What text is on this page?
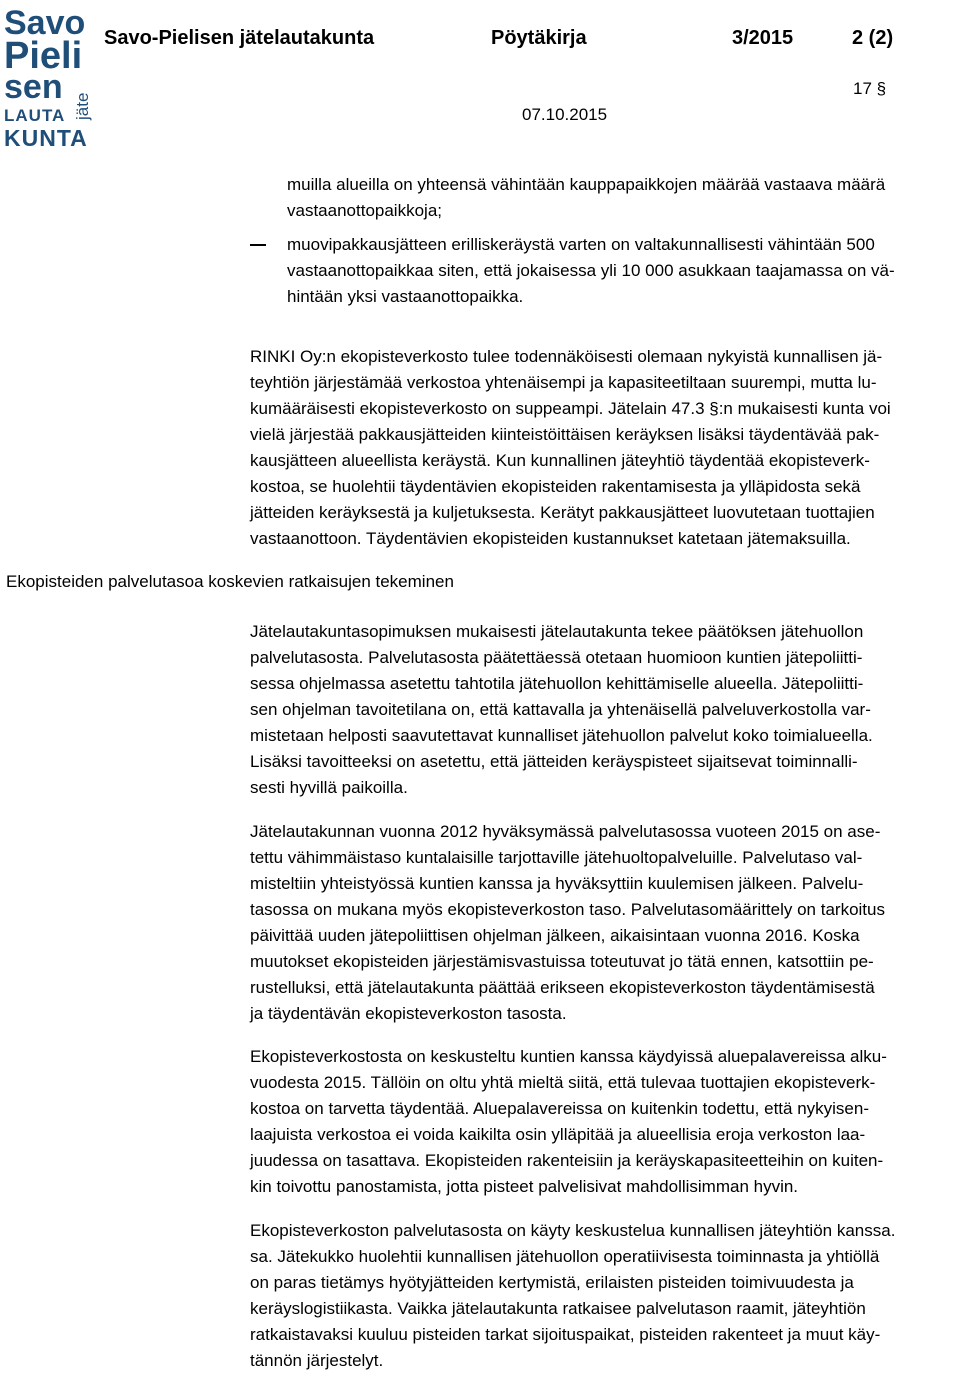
Savo
Pieli
sen
LAUTA
KUNTA
jäte
Savo-Pielisen jätelautakunta	Pöytäkirja	3/2015	2 (2)
17 §
07.10.2015
muilla alueilla on yhteensä vähintään kauppapaikkojen määrää vastaava määrä
vastaanottopaikkoja;
muovipakkausjätteen erilliskeräystä varten on valtakunnallisesti vähintään 500
vastaanottopaikkaa siten, että jokaisessa yli 10 000 asukkaan taajamassa on vä-
hintään yksi vastaanottopaikka.
RINKI Oy:n ekopisteverkosto tulee todennäköisesti olemaan nykyistä kunnallisen jä-
teyhtiön järjestämää verkostoa yhtenäisempi ja kapasiteetiltaan suurempi, mutta lu-
kumääräisesti ekopisteverkosto on suppeampi. Jätelain 47.3 §:n mukaisesti kunta voi
vielä järjestää pakkausjätteiden kiinteistöittäisen keräyksen lisäksi täydentävää pak-
kausjätteen alueellista keräystä. Kun kunnallinen jäteyhtiö täydentää ekopisteverk-
kostoa, se huolehtii täydentävien ekopisteiden rakentamisesta ja ylläpidosta sekä
jätteiden keräyksestä ja kuljetuksesta. Kerätyt pakkausjätteet luovutetaan tuottajien
vastaanottoon. Täydentävien ekopisteiden kustannukset katetaan jätemaksuilla.
Ekopisteiden palvelutasoa koskevien ratkaisujen tekeminen
Jätelautakuntasopimuksen mukaisesti jätelautakunta tekee päätöksen jätehuollon
palvelutasosta. Palvelutasosta päätettäessä otetaan huomioon kuntien jätepoliitti-
sessa ohjelmassa asetettu tahtotila jätehuollon kehittämiselle alueella. Jätepoliitti-
sen ohjelman tavoitetilana on, että kattavalla ja yhtenäisellä palveluverkostolla var-
mistetaan helposti saavutettavat kunnalliset jätehuollon palvelut koko toimialueella.
Lisäksi tavoitteeksi on asetettu, että jätteiden keräyspisteet sijaitsevat toiminnalli-
sesti hyvillä paikoilla.
Jätelautakunnan vuonna 2012 hyväksymässä palvelutasossa vuoteen 2015 on ase-
tettu vähimmäistaso kuntalaisille tarjottaville jätehuoltopalveluille. Palvelutaso val-
misteltiin yhteistyössä kuntien kanssa ja hyväksyttiin kuulemisen jälkeen. Palvelu-
tasossa on mukana myös ekopisteverkoston taso. Palvelutasomäärittely on tarkoitus
päivittää uuden jätepoliittisen ohjelman jälkeen, aikaisintaan vuonna 2016. Koska
muutokset ekopisteiden järjestämisvastuissa toteutuvat jo tätä ennen, katsottiin pe-
rustelluksi, että jätelautakunta päättää erikseen ekopisteverkoston täydentämisestä
ja täydentävän ekopisteverkoston tasosta.
Ekopisteverkostosta on keskusteltu kuntien kanssa käydyissä aluepalavereissa alku-
vuodesta 2015. Tällöin on oltu yhtä mieltä siitä, että tulevaa tuottajien ekopisteverk-
kostoa on tarvetta täydentää. Aluepalavereissa on kuitenkin todettu, että nykyisen-
laajuista verkostoa ei voida kaikilta osin ylläpitää ja alueellisia eroja verkoston laa-
juudessa on tasattava. Ekopisteiden rakenteisiin ja keräyskapasiteetteihin on kuiten-
kin toivottu panostamista, jotta pisteet palvelisivat mahdollisimman hyvin.
Ekopisteverkoston palvelutasosta on käyty keskustelua kunnallisen jäteyhtiön kanssa.
sa. Jätekukko huolehtii kunnallisen jätehuollon operatiivisesta toiminnasta ja yhtiöllä
on paras tietämys hyötyjätteiden kertymistä, erilaisten pisteiden toimivuudesta ja
keräyslogistiikasta. Vaikka jätelautakunta ratkaisee palvelutason raamit, jäteyhtiön
ratkaistavaksi kuuluu pisteiden tarkat sijoituspaikat, pisteiden rakenteet ja muut käy-
tännön järjestelyt.
